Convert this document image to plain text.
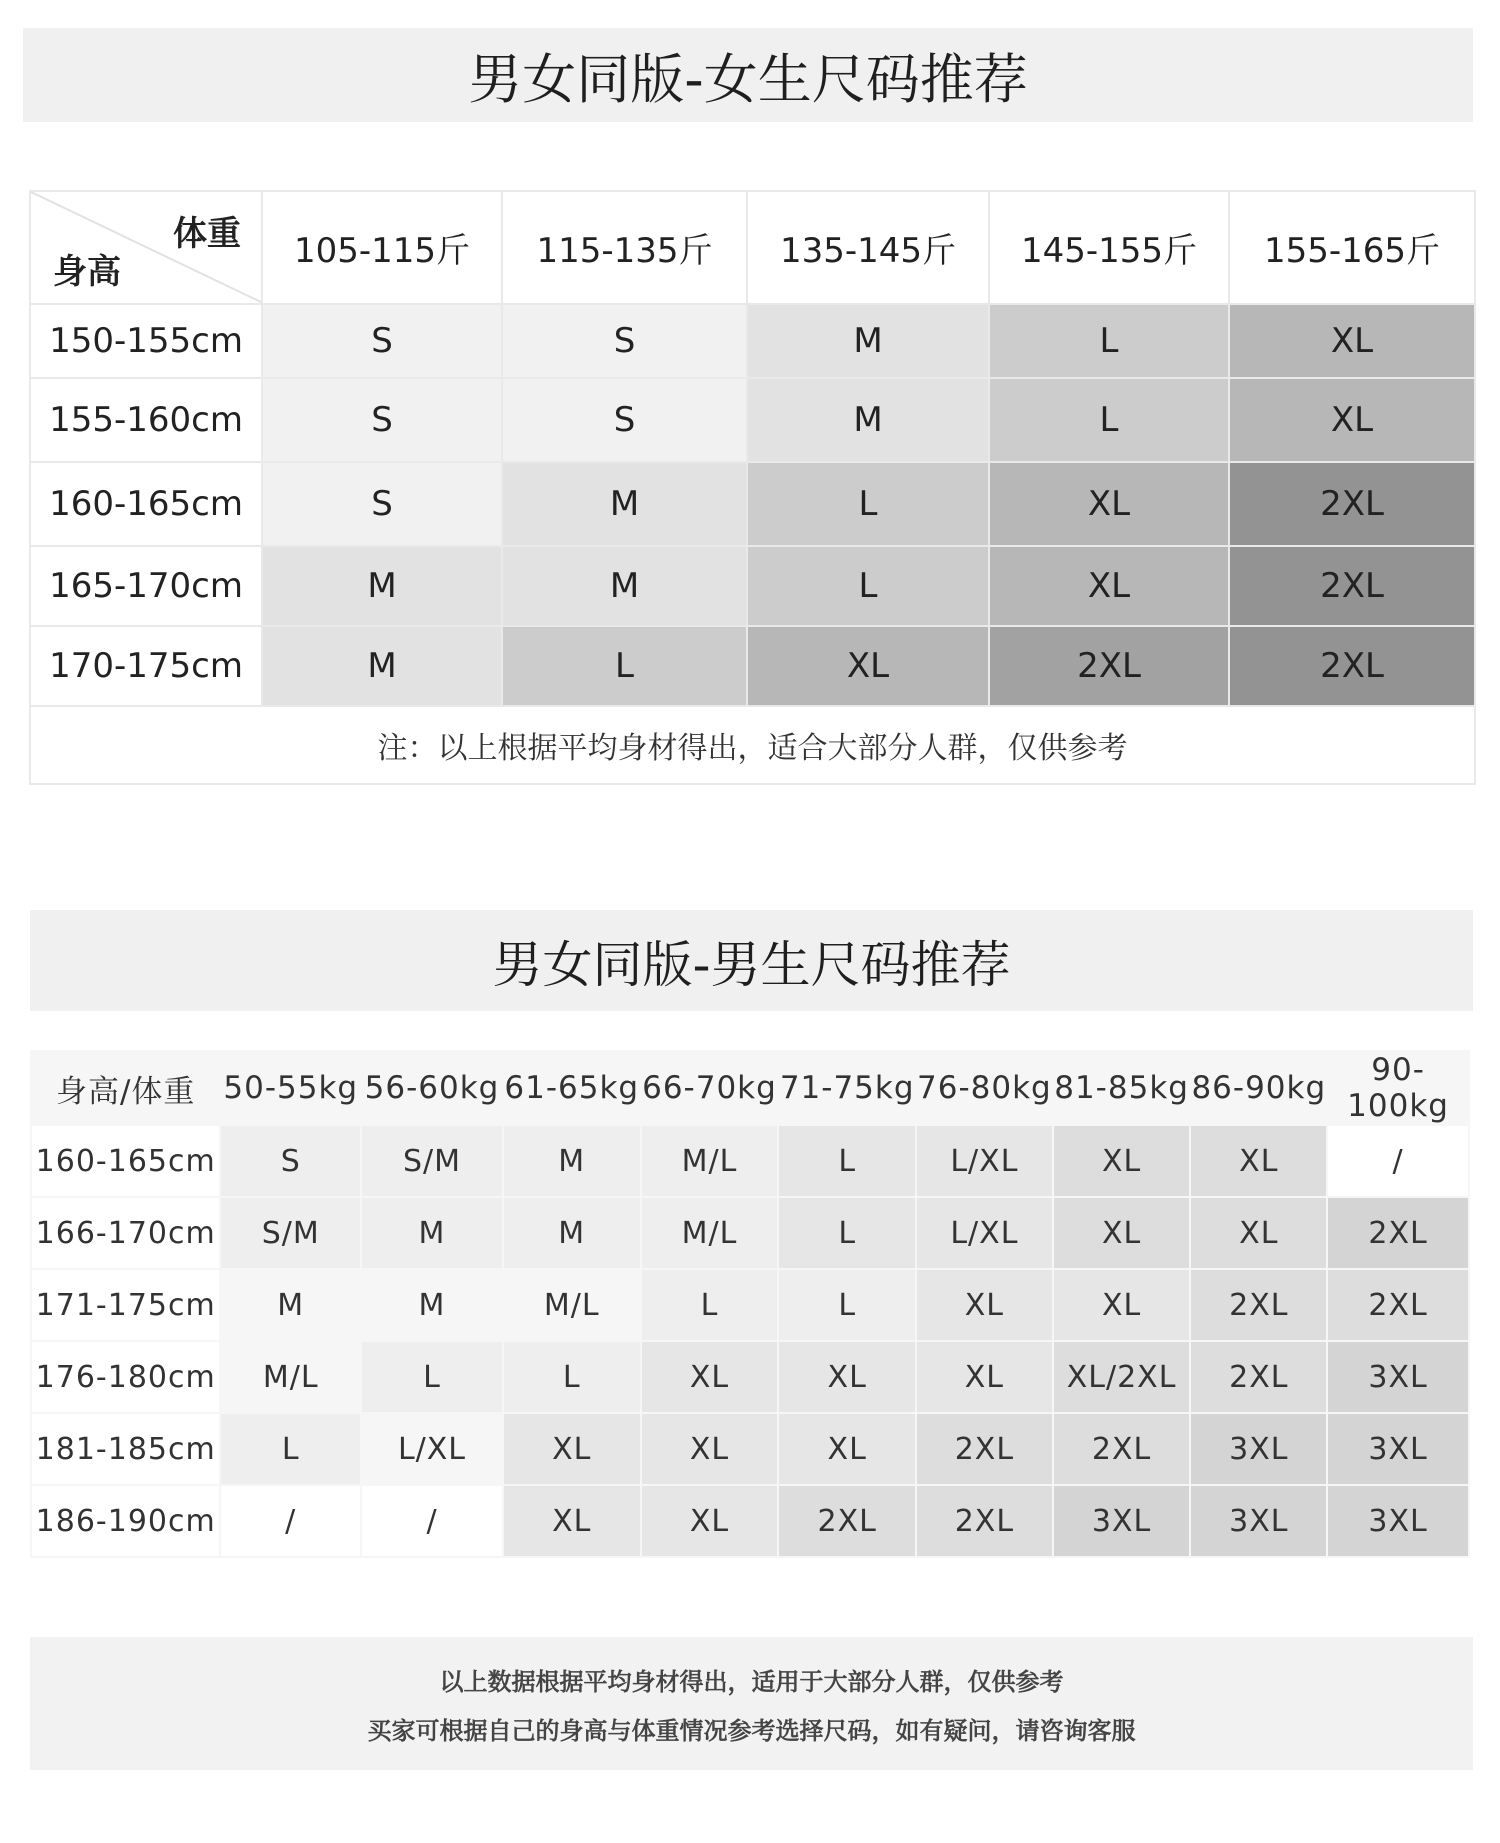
男女同版-女生尺码推荐
体重
身高	105-115斤	115-135斤	135-145斤	145-155斤	155-165斤
150-155cm	S	S	M	L	XL
155-160cm	S	S	M	L	XL
160-165cm	S	M	L	XL	2XL
165-170cm	M	M	L	XL	2XL
170-175cm	M	L	XL	2XL	2XL
注：以上根据平均身材得出，适合大部分人群，仅供参考					
男女同版-男生尺码推荐
身高/体重	50-55kg	56-60kg	61-65kg	66-70kg	71-75kg	76-80kg	81-85kg	86-90kg	90-100kg
160-165cm	S	S/M	M	M/L	L	L/XL	XL	XL	/
166-170cm	S/M	M	M	M/L	L	L/XL	XL	XL	2XL
171-175cm	M	M	M/L	L	L	XL	XL	2XL	2XL
176-180cm	M/L	L	L	XL	XL	XL	XL/2XL	2XL	3XL
181-185cm	L	L/XL	XL	XL	XL	2XL	2XL	3XL	3XL
186-190cm	/	/	XL	XL	2XL	2XL	3XL	3XL	3XL
以上数据根据平均身材得出，适用于大部分人群，仅供参考
买家可根据自己的身高与体重情况参考选择尺码，如有疑问，请咨询客服
